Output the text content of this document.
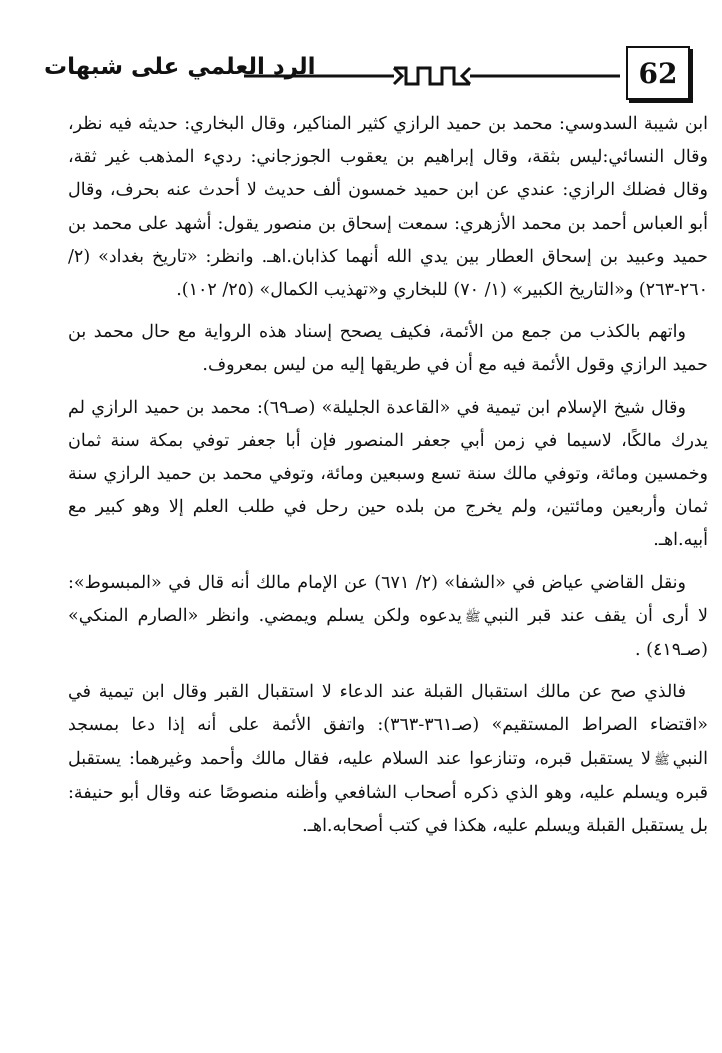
62
الرد العلمي على شبهات

ابن شيبة السدوسي: محمد بن حميد الرازي كثير المناكير، وقال البخاري: حديثه فيه نظر، وقال النسائي:ليس بثقة، وقال إبراهيم بن يعقوب الجوزجاني: رديء المذهب غير ثقة، وقال فضلك الرازي: عندي عن ابن حميد خمسون ألف حديث لا أحدث عنه بحرف، وقال أبو العباس أحمد بن محمد الأزهري: سمعت إسحاق بن منصور يقول: أشهد على محمد بن حميد وعبيد بن إسحاق العطار بين يدي الله أنهما كذابان.اهـ. وانظر: «تاريخ بغداد» (٢/ ٢٦٠-٢٦٣) و«التاريخ الكبير» (١/ ٧٠) للبخاري و«تهذيب الكمال» (٢٥/ ١٠٢).

واتهم بالكذب من جمع من الأئمة، فكيف يصحح إسناد هذه الرواية مع حال محمد بن حميد الرازي وقول الأئمة فيه مع أن في طريقها إليه من ليس بمعروف.

وقال شيخ الإسلام ابن تيمية في «القاعدة الجليلة» (صـ٦٩): محمد بن حميد الرازي لم يدرك مالكًا، لاسيما في زمن أبي جعفر المنصور فإن أبا جعفر توفي بمكة سنة ثمان وخمسين ومائة، وتوفي مالك سنة تسع وسبعين ومائة، وتوفي محمد بن حميد الرازي سنة ثمان وأربعين ومائتين، ولم يخرج من بلده حين رحل في طلب العلم إلا وهو كبير مع أبيه.اهـ.

ونقل القاضي عياض في «الشفا» (٢/ ٦٧١) عن الإمام مالك أنه قال في «المبسوط»: لا أرى أن يقف عند قبر النبيﷺيدعوه ولكن يسلم ويمضي. وانظر «الصارم المنكي» (صـ٤١٩) .

فالذي صح عن مالك استقبال القبلة عند الدعاء لا استقبال القبر وقال ابن تيمية في «اقتضاء الصراط المستقيم» (صـ٣٦١-٣٦٣): واتفق الأئمة على أنه إذا دعا بمسجد النبيﷺلا يستقبل قبره، وتنازعوا عند السلام عليه، فقال مالك وأحمد وغيرهما: يستقبل قبره ويسلم عليه، وهو الذي ذكره أصحاب الشافعي وأظنه منصوصًا عنه وقال أبو حنيفة: بل يستقبل القبلة ويسلم عليه، هكذا في كتب أصحابه.اهـ.
